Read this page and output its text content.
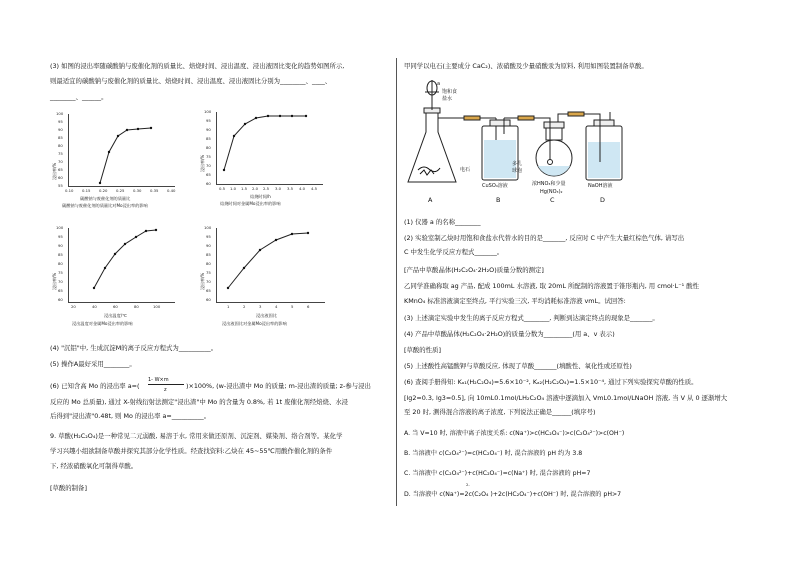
(3) 如图的浸出率随碳酸钠与废催化剂的质量比、焙烧时间、浸出温度、浸出液固比变化的趋势如图所示,
则最适宜的碳酸钠与废催化剂的质量比、焙烧时间、浸出温度、浸出液固比分别为________、____、
________、______。
浸出率/%
100
95
90
85
80
75
70
65
60
55
0.10 0.15 0.20 0.25 0.30 0.35 0.40
碳酸钠与废催化剂的质量比
碳酸钠与废催化剂的质量比对Mo浸出率的影响
浸出率/%
100
95
90
85
80
75
70
65
60
0.5 1.0 1.5 2.0 2.5 3.0 3.5 4.0 4.5
焙烧时间/h
焙烧时间对金属Mo浸出率的影响
浸出率/%
100
95
90
85
80
75
70
65
60
20	40	60	80	100
浸出温度/℃
浸出温度对金属Mo浸出率的影响
浸出率/%
100
95
90
85
80
75
70
65
60
1	2	3	4	5	6
浸出液固比
浸出液固比对金属Mo浸出率的影响
(4) "沉铝"中, 生成沉淀M的离子反应方程式为__________。
(5) 操作A最好采用________。
(6) 已知含高 Mo 的浸出率 a=(
1- W×m
z	)×100%, (w-浸出渣中 Mo 的质量; m-浸出渣的质量; z-参与浸出
反应的 Mo 总质量), 通过 X-射线衍射法测定"浸出渣"中 Mo 的含量为 0.8%, 若 1t 废催化剂经焙烧、水浸
后得到"浸出渣"0.48t, 则 Mo 的浸出率 a=__________。
9. 草酸(H₂C₂O₄)是一种常见二元弱酸, 易溶于水, 常用来做还原剂、沉淀剂、媒染剂、络合剂等。某化学
学习兴趣小组欲制备草酸并探究其部分化学性质。经查找资料:乙炔在 45~55℃用酸作催化剂的条件
下, 经浓硝酸氧化可制得草酸。
[草酸的制备]
甲同学以电石(主要成分 CaC₂)、浓硝酸及少量硝酸汞为原料, 利用如图装置制备草酸。
a
饱和食
盐水
电石
CuSO₄溶液
多孔
球泡
浓HNO₃和少量
Hg(NO₃)₂
NaOH溶液
A	B	C	D
(1) 仪器 a 的名称________
(2) 实验室制乙炔时用饱和食盐水代替水的目的是_______, 反应时 C 中产生大量红棕色气体, 请写出
C 中发生化学反应方程式_______。
[产品中草酸晶体(H₂C₂O₄·2H₂O)质量分数的测定]
乙同学准确称取 ag 产品, 配成 100mL 水溶液, 取 20mL 所配制的溶液置于锥形瓶内, 用 cmol·L⁻¹ 酸性
KMnO₄ 标准溶液滴定至终点, 平行实验三次, 平均消耗标准溶液 vmL。试回答:
(3) 上述滴定实验中发生的离子反应方程式________, 判断到达滴定终点的现象是_______。
(4) 产品中草酸晶体(H₂C₂O₄·2H₂O)的质量分数为_________(用 a、v 表示)
[草酸的性质]
(5) 上述酸性高锰酸钾与草酸反应, 体现了草酸_______(填酸性、氧化性或还原性)
(6) 查阅手册得知: Kₐ₁(H₂C₂O₄)=5.6×10⁻², Kₐ₂(H₂C₂O₄)=1.5×10⁻⁴, 通过下列实验探究草酸的性质。
[lg2=0.3, lg3=0.5], 向 10mL0.1mol/LH₂C₂O₄ 溶液中逐滴加入 VmL0.1mol/LNaOH 溶液, 当 V 从 0 逐渐增大
至 20 时, 测得混合溶液的离子浓度, 下列说法正确是______(填序号)
A. 当 V=10 时, 溶液中离子浓度关系: c(Na⁺)>c(HC₂O₄⁻)>c(C₂O₄²⁻)>c(OH⁻)
B. 当溶液中 c(C₂O₄²⁻)=c(HC₂O₄⁻) 时, 混合溶液的 pH 约为 3.8
C. 当溶液中 c(C₂O₄²⁻)+c(HC₂O₄⁻)=c(Na⁺) 时, 混合溶液的 pH=7
2-
D. 当溶液中 c(Na⁺)=2c(C₂O₄ )+2c(HC₂O₄⁻)+c(OH⁻) 时, 混合溶液的 pH>7
